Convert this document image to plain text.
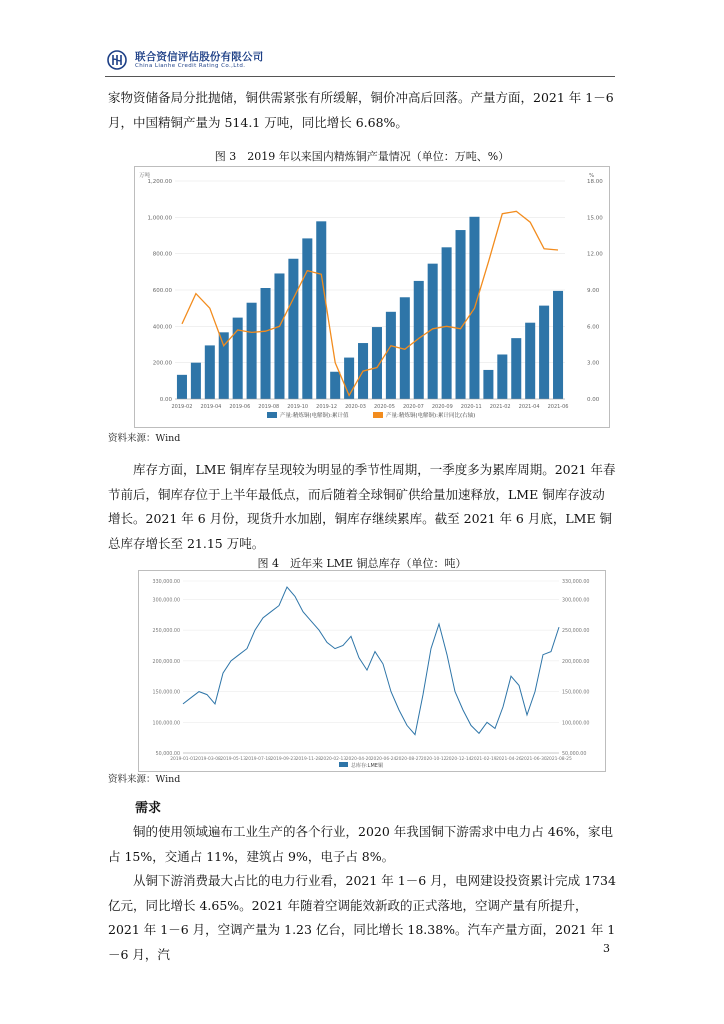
联合资信评估股份有限公司
China Lianhe Credit Rating Co.,Ltd.

家物资储备局分批抛储，铜供需紧张有所缓解，铜价冲高后回落。产量方面，2021 年 1－6 月，中国精铜产量为 514.1 万吨，同比增长 6.68%。

图 3　2019 年以来国内精炼铜产量情况（单位：万吨、%）

万吨	%
0.00
200.00
400.00
600.00
800.00
1,000.00
1,200.00
0.00
3.00
6.00
9.00
12.00
15.00
18.00
2019-02 2019-04 2019-06 2019-08 2019-10 2019-12 2020-03 2020-05 2020-07 2020-09 2020-11 2021-02 2021-04 2021-06
产量:精炼铜(电解铜):累计值	产量:精炼铜(电解铜):累计同比(右轴)

资料来源：Wind

库存方面，LME 铜库存呈现较为明显的季节性周期，一季度多为累库周期。2021 年春节前后，铜库存位于上半年最低点，而后随着全球铜矿供给量加速释放，LME 铜库存波动增长。2021 年 6 月份，现货升水加剧，铜库存继续累库。截至 2021 年 6 月底，LME 铜总库存增长至 21.15 万吨。

图 4　近年来 LME 铜总库存（单位：吨）

50,000.00	50,000.00
100,000.00	100,000.00
150,000.00	150,000.00
200,000.00	200,000.00
250,000.00	250,000.00
300,000.00	300,000.00
330,000.00	330,000.00
2019-01-01 2019-03-08 2019-05-13 2019-07-18 2019-09-23 2019-11-28 2020-02-13 2020-04-20 2020-06-24 2020-08-27 2020-10-12 2020-12-14 2021-02-19 2021-04-26 2021-06-30 2021-08-25
总库存:LME铜

资料来源：Wind

需求

铜的使用领域遍布工业生产的各个行业，2020 年我国铜下游需求中电力占 46%，家电占 15%，交通占 11%，建筑占 9%，电子占 8%。

从铜下游消费最大占比的电力行业看，2021 年 1－6 月，电网建设投资累计完成 1734 亿元，同比增长 4.65%。2021 年随着空调能效新政的正式落地，空调产量有所提升，2021 年 1－6 月，空调产量为 1.23 亿台，同比增长 18.38%。汽车产量方面，2021 年 1－6 月，汽	3
